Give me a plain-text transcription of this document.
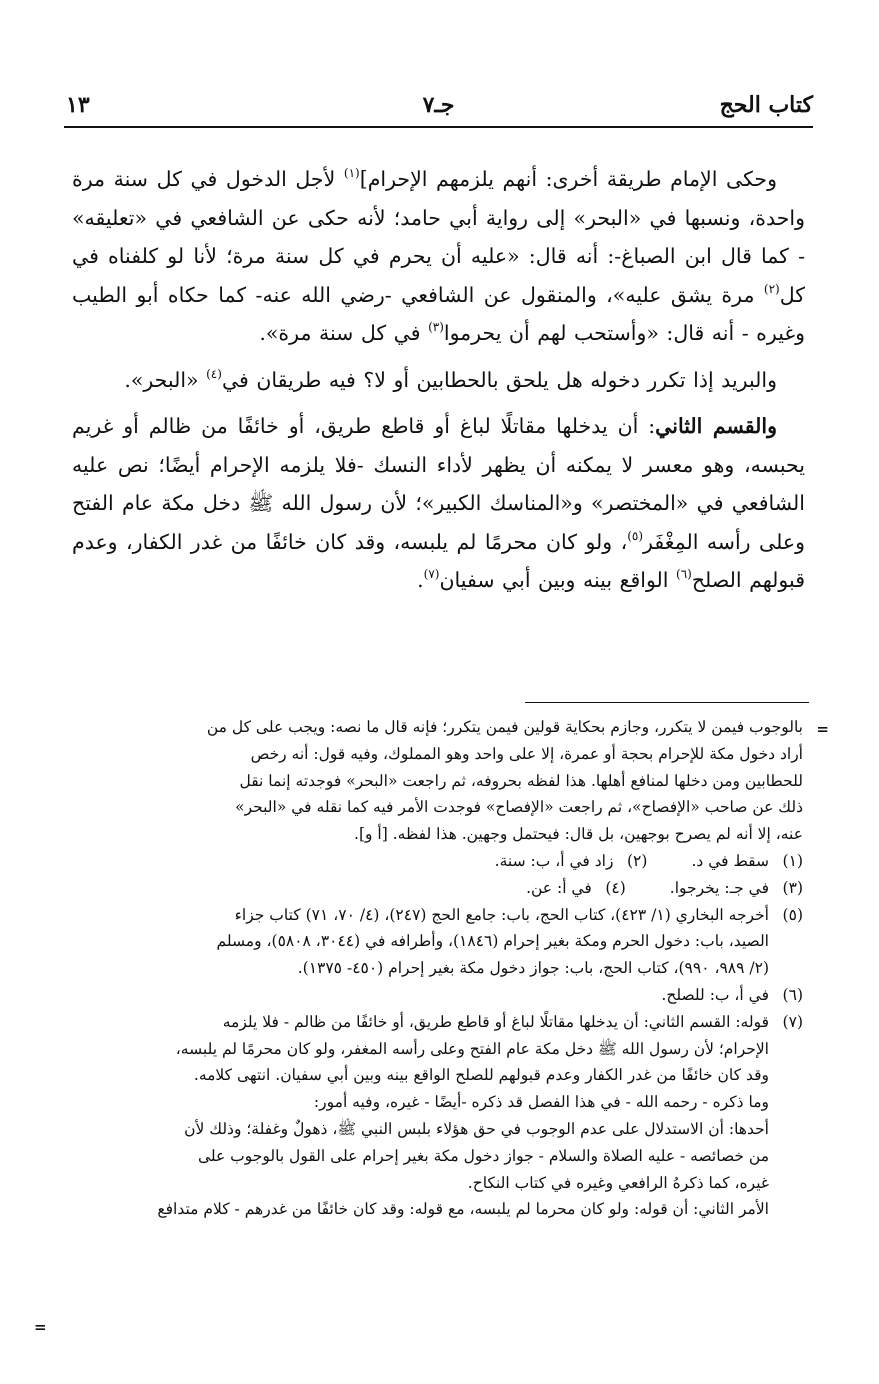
كتاب الحج
جـ٧
١٣

وحكى الإمام طريقة أخرى: أنهم يلزمهم الإحرام]$^{(١)}$ لأجل الدخول في كل سنة مرة واحدة، ونسبها في «البحر» إلى رواية أبي حامد؛ لأنه حكى عن الشافعي في «تعليقه» - كما قال ابن الصباغ-: أنه قال: «عليه أن يحرم في كل سنة مرة؛ لأنا لو كلفناه في كل$^{(٢)}$ مرة يشق عليه»، والمنقول عن الشافعي -رضي الله عنه- كما حكاه أبو الطيب وغيره - أنه قال: «وأستحب لهم أن يحرموا$^{(٣)}$ في كل سنة مرة».

والبريد إذا تكرر دخوله هل يلحق بالحطابين أو لا؟ فيه طريقان في$^{(٤)}$ «البحر».

والقسم الثاني: أن يدخلها مقاتلًا لباغ أو قاطع طريق، أو خائفًا من ظالم أو غريم يحبسه، وهو معسر لا يمكنه أن يظهر لأداء النسك -فلا يلزمه الإحرام أيضًا؛ نص عليه الشافعي في «المختصر» و«المناسك الكبير»؛ لأن رسول الله ﷺ دخل مكة عام الفتح وعلى رأسه المِغْفَر$^{(٥)}$، ولو كان محرمًا لم يلبسه، وقد كان خائفًا من غدر الكفار، وعدم قبولهم الصلح$^{(٦)}$ الواقع بينه وبين أبي سفيان$^{(٧)}$.

=

بالوجوب فيمن لا يتكرر، وجازم بحكاية قولين فيمن يتكرر؛ فإنه قال ما نصه: ويجب على كل من

أراد دخول مكة للإحرام بحجة أو عمرة، إلا على واحد وهو المملوك، وفيه قول: أنه رخص

للحطابين ومن دخلها لمنافع أهلها. هذا لفظه بحروفه، ثم راجعت «البحر» فوجدته إنما نقل

ذلك عن صاحب «الإفصاح»، ثم راجعت «الإفصاح» فوجدت الأمر فيه كما نقله في «البحر»

عنه، إلا أنه لم يصرح بوجهين، بل قال: فيحتمل وجهين. هذا لفظه. [أ و].

(١)
سقط في د.
(٢)
زاد في أ، ب: سنة.
(٣)
في جـ: يخرجوا.
(٤)
في أ: عن.
(٥)

أخرجه البخاري (١/ ٤٢٣)، كتاب الحج، باب: جامع الحج (٢٤٧)، (٤/ ٧٠، ٧١) كتاب جزاء

الصيد، باب: دخول الحرم ومكة بغير إحرام (١٨٤٦)، وأطرافه في (٣٠٤٤، ٥٨٠٨)، ومسلم

(٢/ ٩٨٩، ٩٩٠)، كتاب الحج، باب: جواز دخول مكة بغير إحرام (٤٥٠- ١٣٧٥).

(٦)

في أ، ب: للصلح.

(٧)

قوله: القسم الثاني: أن يدخلها مقاتلًا لباغ أو قاطع طريق، أو خائفًا من ظالم - فلا يلزمه

الإحرام؛ لأن رسول الله ﷺ دخل مكة عام الفتح وعلى رأسه المغفر، ولو كان محرمًا لم يلبسه،

وقد كان خائفًا من غدر الكفار وعدم قبولهم للصلح الواقع بينه وبين أبي سفيان. انتهى كلامه.

وما ذكره - رحمه الله - في هذا الفصل قد ذكره -أيضًا - غيره، وفيه أمور:

أحدها: أن الاستدلال على عدم الوجوب في حق هؤلاء بلبس النبي ﷺ، ذهولٌ وغفلة؛ وذلك لأن

من خصائصه - عليه الصلاة والسلام - جواز دخول مكة بغير إحرام على القول بالوجوب على

غيره، كما ذكرهُ الرافعي وغيره في كتاب النكاح.

الأمر الثاني: أن قوله: ولو كان محرما لم يلبسه، مع قوله: وقد كان خائفًا من غدرهم - كلام متدافع

=
